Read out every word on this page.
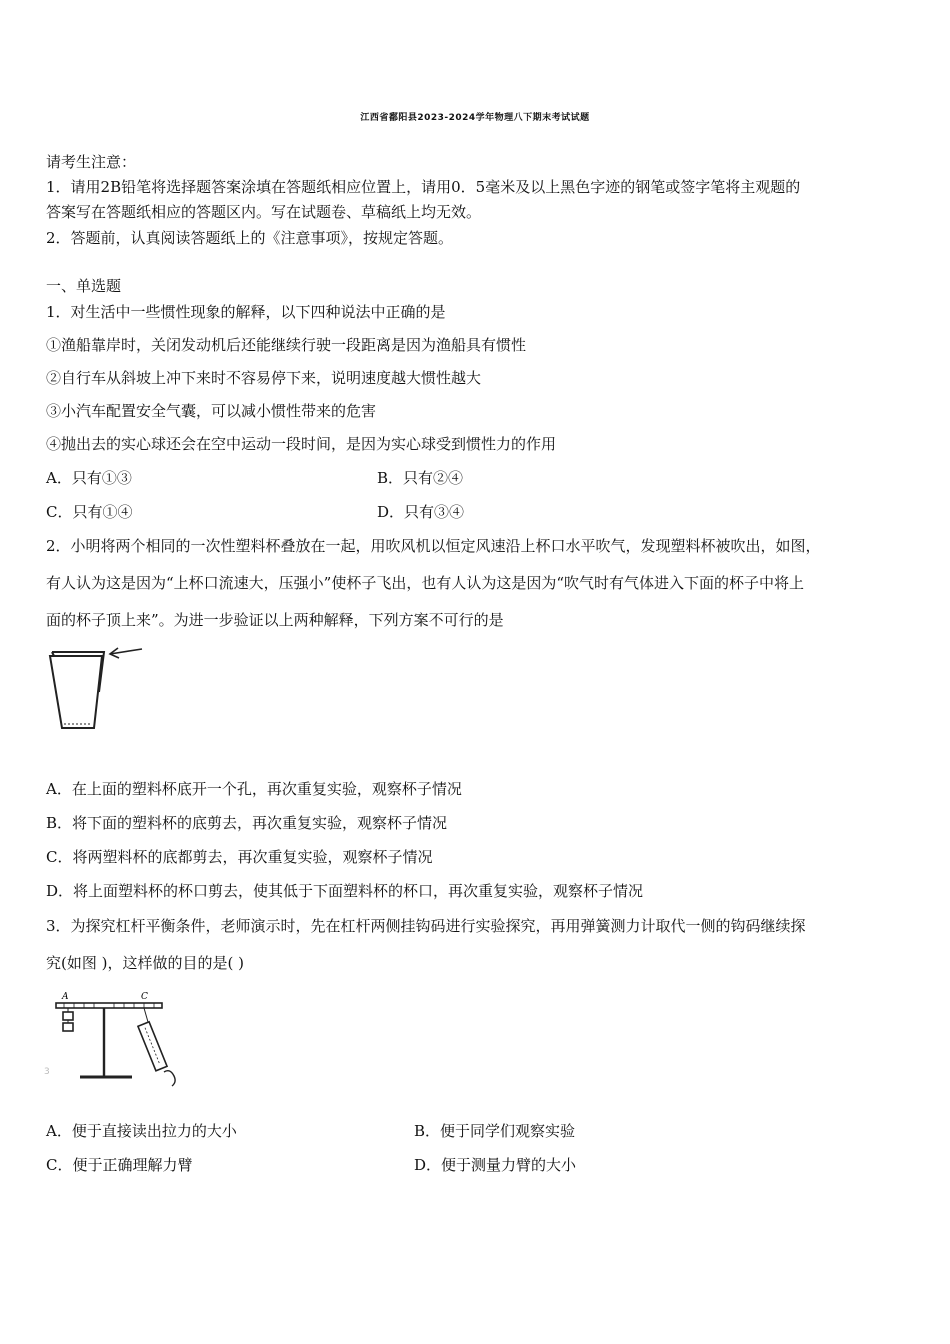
江西省鄱阳县2023-2024学年物理八下期末考试试题
请考生注意：
1．请用2B铅笔将选择题答案涂填在答题纸相应位置上，请用0．5毫米及以上黑色字迹的钢笔或签字笔将主观题的
答案写在答题纸相应的答题区内。写在试题卷、草稿纸上均无效。
2．答题前，认真阅读答题纸上的《注意事项》，按规定答题。
一、单选题
1．对生活中一些惯性现象的解释，以下四种说法中正确的是
①渔船靠岸时，关闭发动机后还能继续行驶一段距离是因为渔船具有惯性
②自行车从斜坡上冲下来时不容易停下来，说明速度越大惯性越大
③小汽车配置安全气囊，可以减小惯性带来的危害
④抛出去的实心球还会在空中运动一段时间，是因为实心球受到惯性力的作用
A．只有①③	B．只有②④
C．只有①④	D．只有③④
2．小明将两个相同的一次性塑料杯叠放在一起，用吹风机以恒定风速沿上杯口水平吹气，发现塑料杯被吹出，如图，
有人认为这是因为“上杯口流速大，压强小”使杯子飞出，也有人认为这是因为“吹气时有气体进入下面的杯子中将上
面的杯子顶上来”。为进一步验证以上两种解释，下列方案不可行的是
A．在上面的塑料杯底开一个孔，再次重复实验，观察杯子情况
B．将下面的塑料杯的底剪去，再次重复实验，观察杯子情况
C．将两塑料杯的底都剪去，再次重复实验，观察杯子情况
D．将上面塑料杯的杯口剪去，使其低于下面塑料杯的杯口，再次重复实验，观察杯子情况
3．为探究杠杆平衡条件，老师演示时，先在杠杆两侧挂钩码进行实验探究，再用弹簧测力计取代一侧的钩码继续探
究(如图 )，这样做的目的是( )
A	C
3
A．便于直接读出拉力的大小	B．便于同学们观察实验
C．便于正确理解力臂	D．便于测量力臂的大小
